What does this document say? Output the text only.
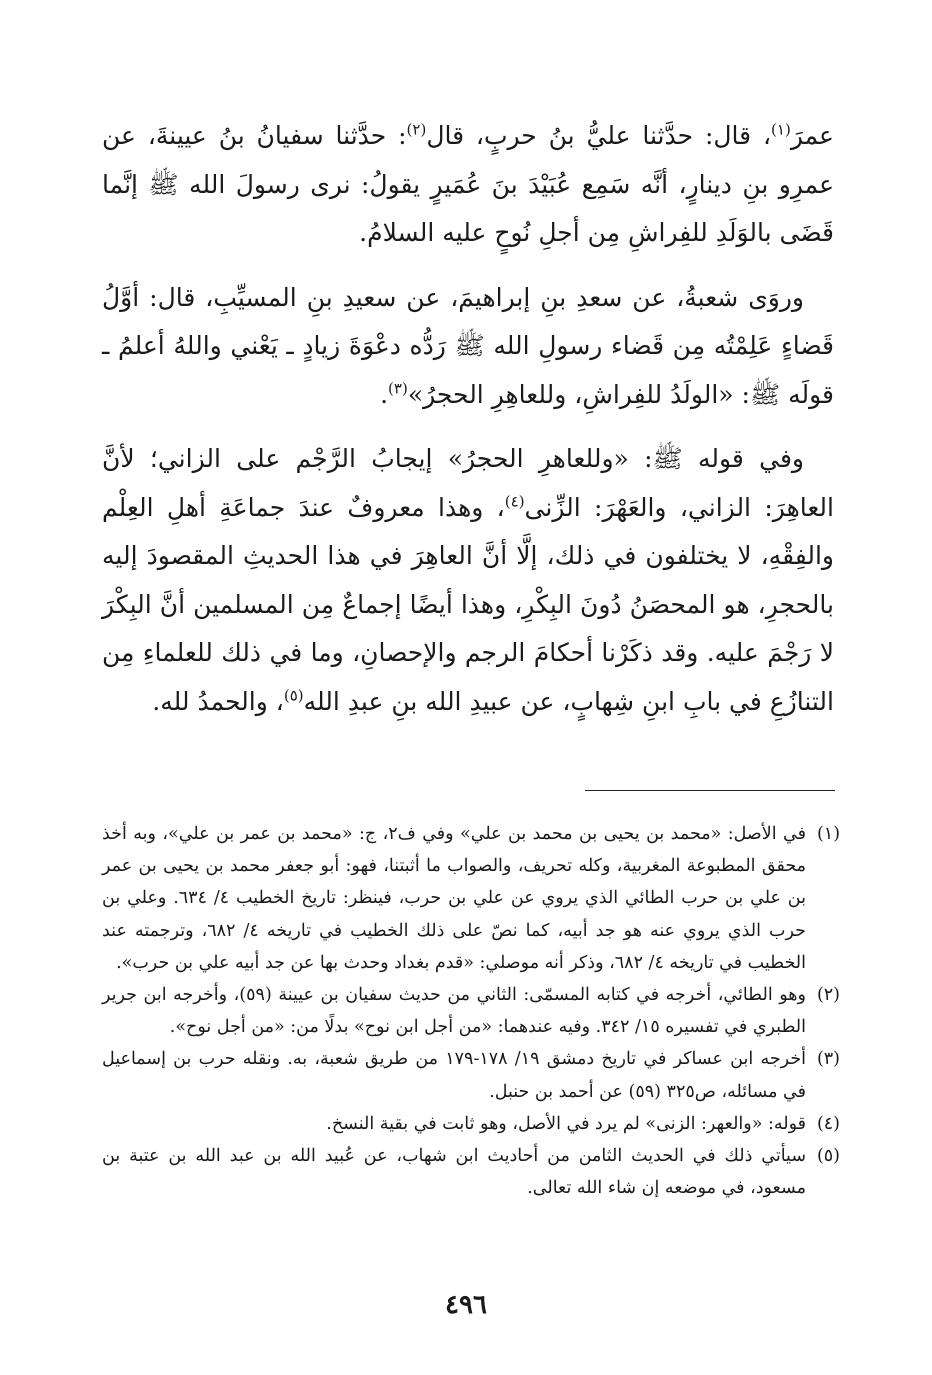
عمرَ$^{(١)}$، قال: حدَّثنا عليُّ بنُ حربٍ، قال$^{(٢)}$: حدَّثنا سفيانُ بنُ عيينةَ، عن عمرِو بنِ دينارٍ، أنَّه سَمِع عُبَيْدَ بنَ عُمَيرٍ يقولُ: نرى رسولَ الله ﷺ إنَّما قَضَى بالوَلَدِ للفِراشِ مِن أجلِ نُوحٍ عليه السلامُ.

وروَى شعبةُ، عن سعدِ بنِ إبراهيمَ، عن سعيدِ بنِ المسيِّبِ، قال: أوَّلُ قَضاءٍ عَلِمْتُه مِن قَضاء رسولِ الله ﷺ رَدُّه دعْوَةَ زيادٍ ـ يَعْني واللهُ أعلمُ ـ قولَه ﷺ: «الولَدُ للفِراشِ، وللعاهِرِ الحجرُ»$^{(٣)}$.

وفي قوله ﷺ: «وللعاهرِ الحجرُ» إيجابُ الرَّجْم على الزاني؛ لأنَّ العاهِرَ: الزاني، والعَهْرَ: الزِّنى$^{(٤)}$، وهذا معروفٌ عندَ جماعَةِ أهلِ العِلْم والفِقْهِ، لا يختلفون في ذلك، إلَّا أنَّ العاهِرَ في هذا الحديثِ المقصودَ إليه بالحجرِ، هو المحصَنُ دُونَ البِكْرِ، وهذا أيضًا إجماعٌ مِن المسلمين أنَّ البِكْرَ لا رَجْمَ عليه. وقد ذكَرْنا أحكامَ الرجم والإحصانِ، وما في ذلك للعلماءِ مِن التنازُعِ في بابِ ابنِ شِهابٍ، عن عبيدِ الله بنِ عبدِ الله$^{(٥)}$، والحمدُ لله.

(١)في الأصل: «محمد بن يحيى بن محمد بن علي» وفي ف٢، ج: «محمد بن عمر بن علي»، وبه أخذ محقق المطبوعة المغربية، وكله تحريف، والصواب ما أثبتنا، فهو: أبو جعفر محمد بن يحيى بن عمر بن علي بن حرب الطائي الذي يروي عن علي بن حرب، فينظر: تاريخ الخطيب ٤/ ٦٣٤. وعلي بن حرب الذي يروي عنه هو جد أبيه، كما نصّ على ذلك الخطيب في تاريخه ٤/ ٦٨٢، وترجمته عند الخطيب في تاريخه ٤/ ٦٨٢، وذكر أنه موصلي: «قدم بغداد وحدث بها عن جد أبيه علي بن حرب».

(٢)وهو الطائي، أخرجه في كتابه المسمّى: الثاني من حديث سفيان بن عيينة (٥٩)، وأخرجه ابن جرير الطبري في تفسيره ١٥/ ٣٤٢. وفيه عندهما: «من أجل ابن نوح» بدلًا من: «من أجل نوح».

(٣)أخرجه ابن عساكر في تاريخ دمشق ١٩/ ١٧٨-١٧٩ من طريق شعبة، به. ونقله حرب بن إسماعيل في مسائله، ص٣٢٥ (٥٩) عن أحمد بن حنبل.

(٤)قوله: «والعهر: الزنى» لم يرد في الأصل، وهو ثابت في بقية النسخ.

(٥)سيأتي ذلك في الحديث الثامن من أحاديث ابن شهاب، عن عُبيد الله بن عبد الله بن عتبة بن مسعود، في موضعه إن شاء الله تعالى.

٤٩٦
